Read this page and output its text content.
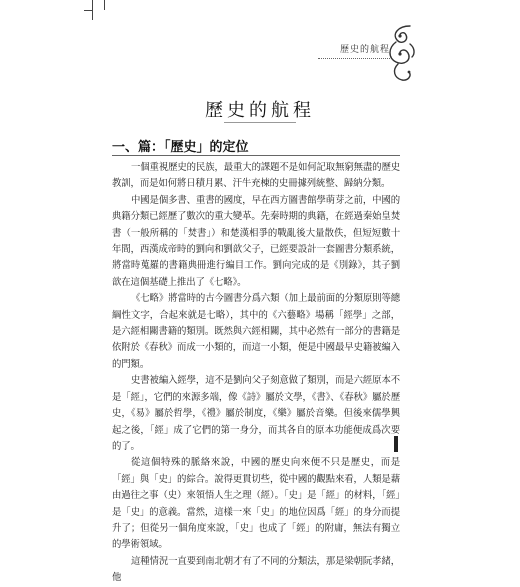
歷史的航程
歷史的航程
一、篇：「歷史」的定位

一個重視歷史的民族，最重大的課題不是如何記取無窮無盡的歷史教訓，而是如何將日積月累、汗牛充棟的史冊據列統整、歸納分類。

中國是個多書、重書的國度，早在西方圖書館學萌芽之前，中國的典籍分類已經歷了數次的重大變革。先秦時期的典籍，在經過秦始皇焚書（一般所稱的「焚書」）和楚漢相爭的戰亂後大量散佚，但短短數十年間，西漢成帝時的劉向和劉歆父子，已經要設計一套圖書分類系統，將當時蒐羅的書籍典冊進行編目工作。劉向完成的是《別錄》，其子劉歆在這個基礎上推出了《七略》。

《七略》將當時的古今圖書分爲六類（加上最前面的分類原則等總綱性文字，合起來就是七略），其中的《六藝略》場稱「經學」之部，是六經相關書籍的類別。既然與六經相關，其中必然有一部分的書籍是依附於《春秋》而成一小類的，而這一小類，便是中國最早史籍被編入的門類。

史書被編入經學，這不是劉向父子刻意做了類別，而是六經原本不是「經」，它們的來源多端，像《詩》屬於文學，《書》、《春秋》屬於歷史，《易》屬於哲學，《禮》屬於制度，《樂》屬於音樂。但後來儒學興起之後，「經」成了它們的第一身分，而其各自的原本功能便成爲次要的了。

從這個特殊的脈絡來說，中國的歷史向來便不只是歷史，而是「經」與「史」的綜合。說得更貫切些，從中國的觀點來看，人類是藉由過往之事（史）來領悟人生之理（經）。「史」是「經」的材料，「經」是「史」的意義。當然，這樣一來「史」的地位因爲「經」的身分而提升了；但從另一個角度來說，「史」也成了「經」的附庸，無法有獨立的學術領域。

這種情況一直要到南北朝才有了不同的分類法，那是梁朝阮孝緒，他
